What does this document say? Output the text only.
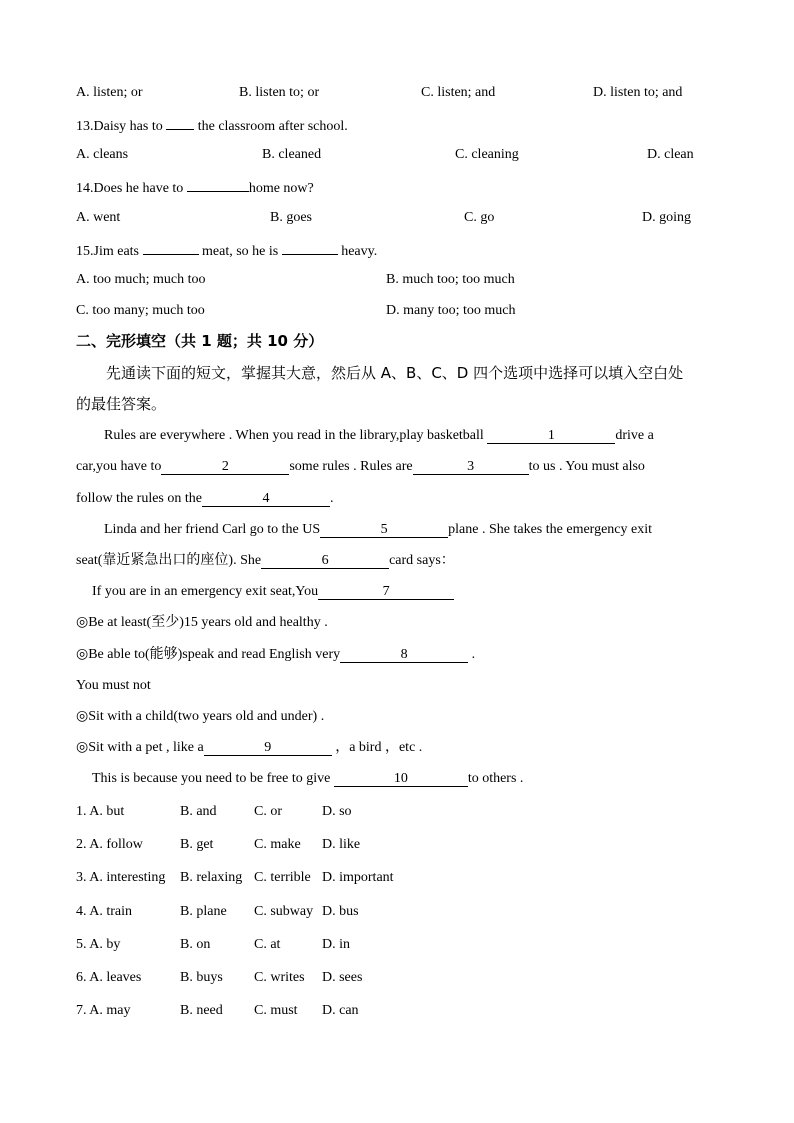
A. listen; or	B. listen to; or	C. listen; and	D. listen to; and
13.Daisy has to	the classroom after school.
A. cleans	B. cleaned	C. cleaning	D. clean
14.Does he have to	home now?
A. went	B. goes	C. go	D. going
15.Jim eats	meat, so he is	heavy.
A. too much; much too	B. much too; too much
C. too many; much too	D. many too; too much
二、完形填空（共 1 题；共 10 分）
先通读下面的短文，掌握其大意，然后从 A、B、C、D 四个选项中选择可以填入空白处
的最佳答案。
Rules are everywhere . When you read in the library,play basketball	1	drive a
car,you have to	2	some rules . Rules are	3	to us . You must also
follow the rules on the	4	.
Linda and her friend Carl go to the US	5	plane . She takes the emergency exit
seat(靠近紧急出口的座位). She	6	card says：
If you are in an emergency exit seat,You	7
◎Be at least(至少)15 years old and healthy .
◎Be able to(能够)speak and read English very	8	.
You must not
◎Sit with a child(two years old and under) .
◎Sit with a pet , like a	9	，a bird ，etc .
This is because you need to be free to give	10	to others .
1. A. but	B. and	C. or	D. so
2. A. follow	B. get	C. make D. like
3. A. interesting B. relaxing C. terrible D. important
4. A. train	B. plane C. subway D. bus
5. A. by	B. on	C. at	D. in
6. A. leaves	B. buys C. writes D. sees
7. A. may	B. need C. must D. can
